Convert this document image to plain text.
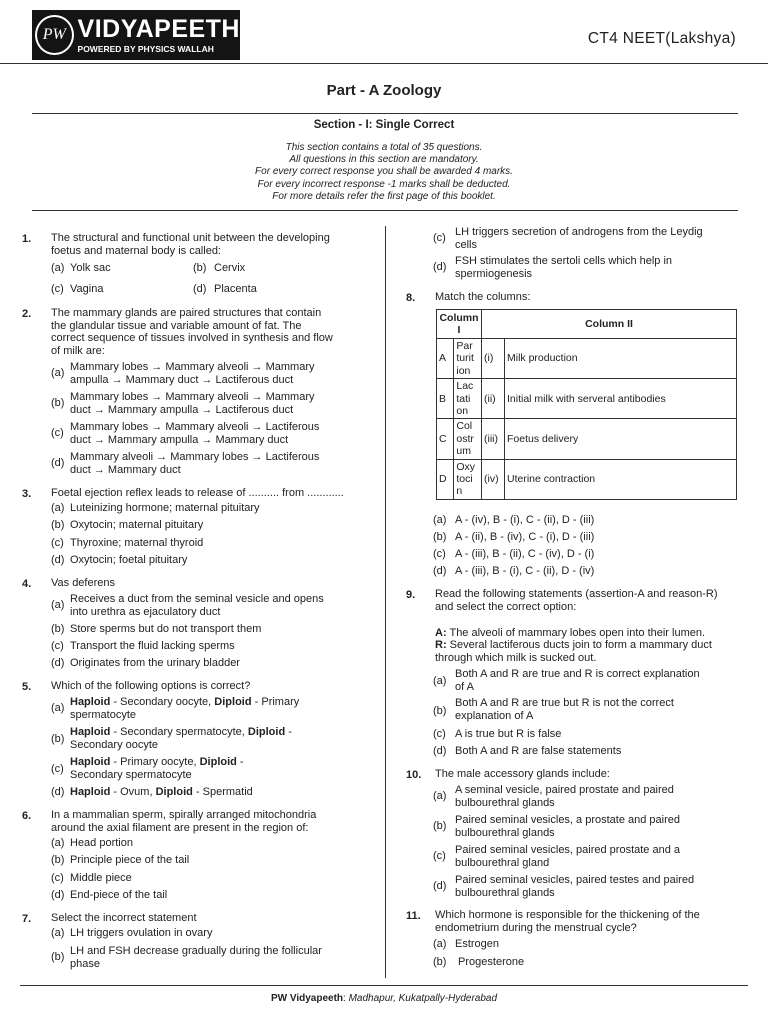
PW VIDYAPEETH
POWERED BY PHYSICS WALLAH
CT4 NEET(Lakshya)
Part - A Zoology
Section - I: Single Correct
This section contains a total of 35 questions.
All questions in this section are mandatory.
For every correct response you shall be awarded 4 marks.
For every incorrect response -1 marks shall be deducted.
For more details refer the first page of this booklet.
1. The structural and functional unit between the developing
foetus and maternal body is called:
(a) Yolk sac	(b) Cervix
(c) Vagina	(d) Placenta
2. The mammary glands are paired structures that contain
the glandular tissue and variable amount of fat. The
correct sequence of tissues involved in synthesis and flow
of milk are:
(a) Mammary lobes → Mammary alveoli → Mammary
ampulla → Mammary duct → Lactiferous duct
(b) Mammary lobes → Mammary alveoli → Mammary
duct → Mammary ampulla → Lactiferous duct
(c) Mammary lobes → Mammary alveoli → Lactiferous
duct → Mammary ampulla → Mammary duct
(d) Mammary alveoli → Mammary lobes → Lactiferous
duct → Mammary duct
3. Foetal ejection reflex leads to release of .......... from ............
(a) Luteinizing hormone; maternal pituitary
(b) Oxytocin; maternal pituitary
(c) Thyroxine; maternal thyroid
(d) Oxytocin; foetal pituitary
4. Vas deferens
(a) Receives a duct from the seminal vesicle and opens
into urethra as ejaculatory duct
(b) Store sperms but do not transport them
(c) Transport the fluid lacking sperms
(d) Originates from the urinary bladder
5. Which of the following options is correct?
(a) Haploid - Secondary oocyte, Diploid - Primary
spermatocyte
(b)
Haploid - Secondary spermatocyte, Diploid -
Secondary oocyte
(c)
Haploid - Primary oocyte, Diploid -
Secondary spermatocyte
(d) Haploid - Ovum, Diploid - Spermatid
6. In a mammalian sperm, spirally arranged mitochondria
around the axial filament are present in the region of:
(a) Head portion
(b) Principle piece of the tail
(c) Middle piece
(d) End-piece of the tail
7. Select the incorrect statement
(a) LH triggers ovulation in ovary
(b) LH and FSH decrease gradually during the follicular
phase
(c) LH triggers secretion of androgens from the Leydig
cells
(d) FSH stimulates the sertoli cells which help in
spermiogenesis
8. Match the columns:
Column
I		Column II	
A	Par
turit
ion	(i)	Milk production
B	Lac
tati
on	(ii)	Initial milk with serveral antibodies
C	Col
ostr
um	(iii)	Foetus delivery
D	Oxy
toci
n	(iv)	Uterine contraction
(a) A - (iv), B - (i), C - (ii), D - (iii)
(b) A - (ii), B - (iv), C - (i), D - (iii)
(c) A - (iii), B - (ii), C - (iv), D - (i)
(d) A - (iii), B - (i), C - (ii), D - (iv)
9. Read the following statements (assertion-A and reason-R)
and select the correct option:
A: The alveoli of mammary lobes open into their lumen.
R: Several lactiferous ducts join to form a mammary duct
through which milk is sucked out.
(a)
Both A and R are true and R is correct explanation
of A
(b)
Both A and R are true but R is not the correct
explanation of A
(c) A is true but R is false
(d) Both A and R are false statements
10. The male accessory glands include:
(a) A seminal vesicle, paired prostate and paired
bulbourethral glands
(b) Paired seminal vesicles, a prostate and paired
bulbourethral glands
(c) Paired seminal vesicles, paired prostate and a
bulbourethral gland
(d) Paired seminal vesicles, paired testes and paired
bulbourethral glands
11. Which hormone is responsible for the thickening of the
endometrium during the menstrual cycle?
(a) Estrogen
(b) Progesterone
PW Vidyapeeth: Madhapur, Kukatpally-Hyderabad
